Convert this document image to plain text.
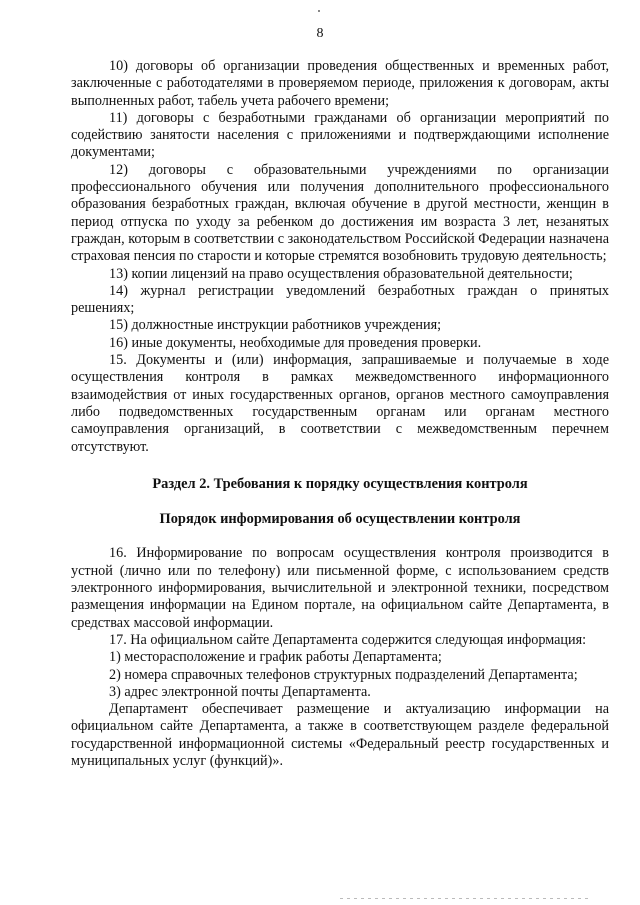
8

10) договоры об организации проведения общественных и временных работ, заключенные с работодателями в проверяемом периоде, приложения к договорам, акты выполненных работ, табель учета рабочего времени;

11) договоры с безработными гражданами об организации мероприятий по содействию занятости населения с приложениями и подтверждающими исполнение документами;

12) договоры с образовательными учреждениями по организации профессионального обучения или получения дополнительного профессионального образования безработных граждан, включая обучение в другой местности, женщин в период отпуска по уходу за ребенком до достижения им возраста 3 лет, незанятых граждан, которым в соответствии с законодательством Российской Федерации назначена страховая пенсия по старости и которые стремятся возобновить трудовую деятельность;

13) копии лицензий на право осуществления образовательной деятельности;

14) журнал регистрации уведомлений безработных граждан о принятых решениях;

15) должностные инструкции работников учреждения;

16) иные документы, необходимые для проведения проверки.

15. Документы и (или) информация, запрашиваемые и получаемые в ходе осуществления контроля в рамках межведомственного информационного взаимодействия от иных государственных органов, органов местного самоуправления либо подведомственных государственным органам или органам местного самоуправления организаций, в соответствии с межведомственным перечнем отсутствуют.

Раздел 2. Требования к порядку осуществления контроля

Порядок информирования об осуществлении контроля

16. Информирование по вопросам осуществления контроля производится в устной (лично или по телефону) или письменной форме, с использованием средств электронного информирования, вычислительной и электронной техники, посредством размещения информации на Едином портале, на официальном сайте Департамента, в средствах массовой информации.

17. На официальном сайте Департамента содержится следующая информация:

1) месторасположение и график работы Департамента;

2) номера справочных телефонов структурных подразделений Департамента;

3) адрес электронной почты Департамента.

Департамент обеспечивает размещение и актуализацию информации на официальном сайте Департамента, а также в соответствующем разделе федеральной государственной информационной системы «Федеральный реестр государственных и муниципальных услуг (функций)».
